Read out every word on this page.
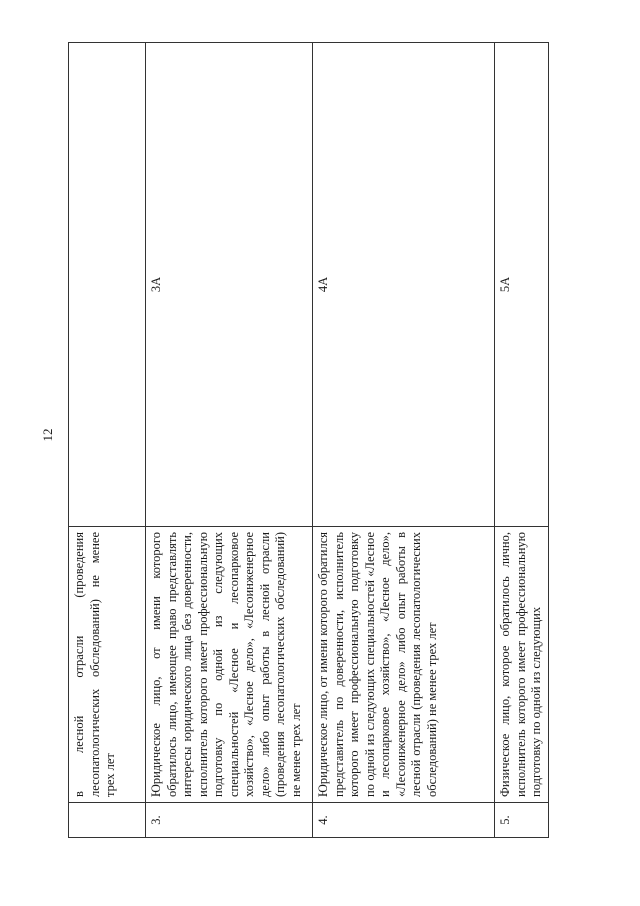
12
	в лесной отрасли (проведения лесопатологических обследований) не менее трех лет	
3.	Юридическое лицо, от имени которого обратилось лицо, имеющее право представлять интересы юридического лица без доверенности, исполнитель которого имеет профессиональную подготовку по одной из следующих специальностей «Лесное и лесопарковое хозяйство», «Лесное дело», «Лесоинженерное дело» либо опыт работы в лесной отрасли (проведения лесопатологических обследований) не менее трех лет	3А
4.	Юридическое лицо, от имени которого обратился представитель по доверенности, исполнитель которого имеет профессиональную подготовку по одной из следующих специальностей «Лесное и лесопарковое хозяйство», «Лесное дело», «Лесоинженерное дело» либо опыт работы в лесной отрасли (проведения лесопатологических обследований) не менее трех лет	4А
5.	Физическое лицо, которое обратилось лично, исполнитель которого имеет профессиональную подготовку по одной из следующих	5А
